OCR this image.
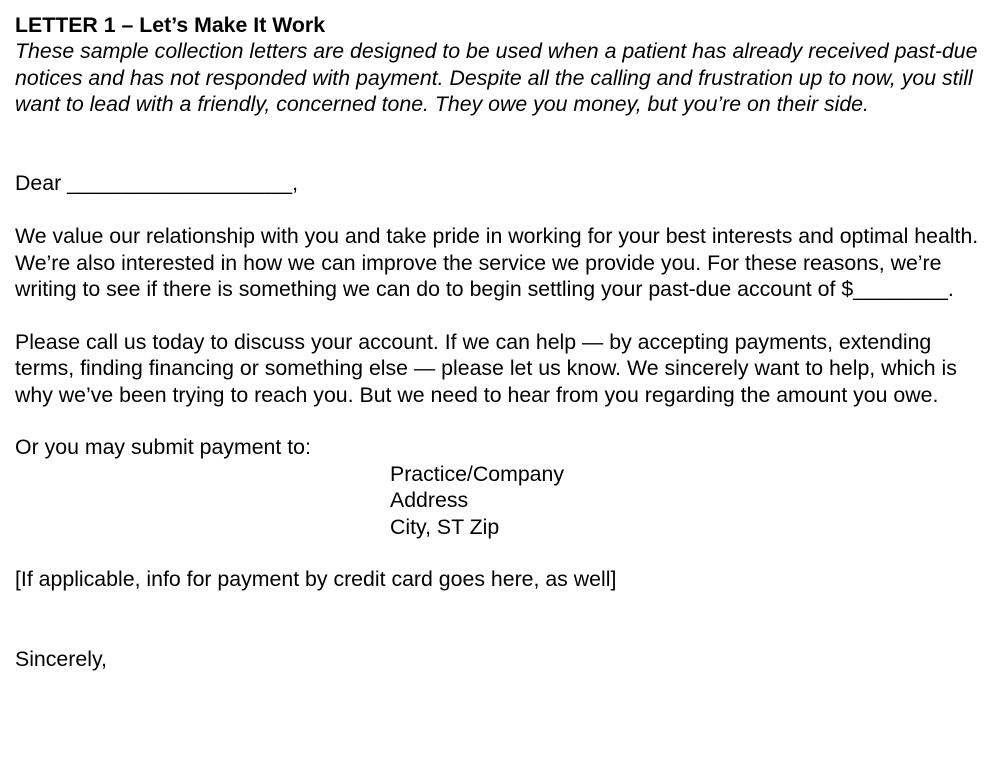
LETTER 1 – Let’s Make It Work

These sample collection letters are designed to be used when a patient has already received past-due notices and has not responded with payment. Despite all the calling and frustration up to now, you still want to lead with a friendly, concerned tone. They owe you money, but you’re on their side.

Dear ___________________,

We value our relationship with you and take pride in working for your best interests and optimal health. We’re also interested in how we can improve the service we provide you. For these reasons, we’re writing to see if there is something we can do to begin settling your past-due account of $________.

Please call us today to discuss your account. If we can help — by accepting payments, extending terms, finding financing or something else — please let us know. We sincerely want to help, which is why we’ve been trying to reach you. But we need to hear from you regarding the amount you owe.

Or you may submit payment to:

Practice/Company

Address

City, ST Zip

[If applicable, info for payment by credit card goes here, as well]

Sincerely,
